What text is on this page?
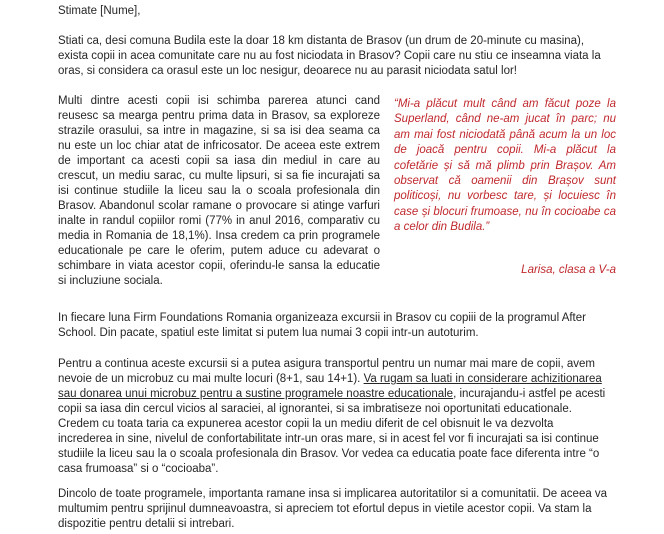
Stimate [Nume],

Stiati ca, desi comuna Budila este la doar 18 km distanta de Brasov (un drum de 20-minute cu masina), exista copii in acea comunitate care nu au fost niciodata in Brasov? Copii care nu stiu ce inseamna viata la oras, si considera ca orasul este un loc nesigur, deoarece nu au parasit niciodata satul lor!

Multi dintre acesti copii isi schimba parerea atunci cand reusesc sa mearga pentru prima data in Brasov, sa exploreze strazile orasului, sa intre in magazine, si sa isi dea seama ca nu este un loc chiar atat de infricosator. De aceea este extrem de important ca acesti copii sa iasa din mediul in care au crescut, un mediu sarac, cu multe lipsuri, si sa fie incurajati sa isi continue studiile la liceu sau la o scoala profesionala din Brasov. Abandonul scolar ramane o provocare si atinge varfuri inalte in randul copiilor romi (77% in anul 2016, comparativ cu media in Romania de 18,1%). Insa credem ca prin programele educationale pe care le oferim, putem aduce cu adevarat o schimbare in viata acestor copii, oferindu-le sansa la educatie si incluziune sociala.

“Mi-a plăcut mult când am făcut poze la Superland, când ne-am jucat în parc; nu am mai fost niciodată până acum la un loc de joacă pentru copii. Mi-a plăcut la cofetărie și să mă plimb prin Brașov. Am observat că oamenii din Brașov sunt politicoși, nu vorbesc tare, și locuiesc în case și blocuri frumoase, nu în cocioabe ca a celor din Budila.”

Larisa, clasa a V-a

In fiecare luna Firm Foundations Romania organizeaza excursii in Brasov cu copiii de la programul After School. Din pacate, spatiul este limitat si putem lua numai 3 copii intr-un autoturim.

Pentru a continua aceste excursii si a putea asigura transportul pentru un numar mai mare de copii, avem nevoie de un microbuz cu mai multe locuri (8+1, sau 14+1). Va rugam sa luati in considerare achizitionarea sau donarea unui microbuz pentru a sustine programele noastre educationale, incurajandu-i astfel pe acesti copii sa iasa din cercul vicios al saraciei, al ignorantei, si sa imbratiseze noi oportunitati educationale. Credem cu toata taria ca expunerea acestor copii la un mediu diferit de cel obisnuit le va dezvolta increderea in sine, nivelul de confortabilitate intr-un oras mare, si in acest fel vor fi incurajati sa isi continue studiile la liceu sau la o scoala profesionala din Brasov. Vor vedea ca educatia poate face diferenta intre “o casa frumoasa” si o “cocioaba”.

Dincolo de toate programele, importanta ramane insa si implicarea autoritatilor si a comunitatii. De aceea va multumim pentru sprijinul dumneavoastra, si apreciem tot efortul depus in vietile acestor copii. Va stam la dispozitie pentru detalii si intrebari.
